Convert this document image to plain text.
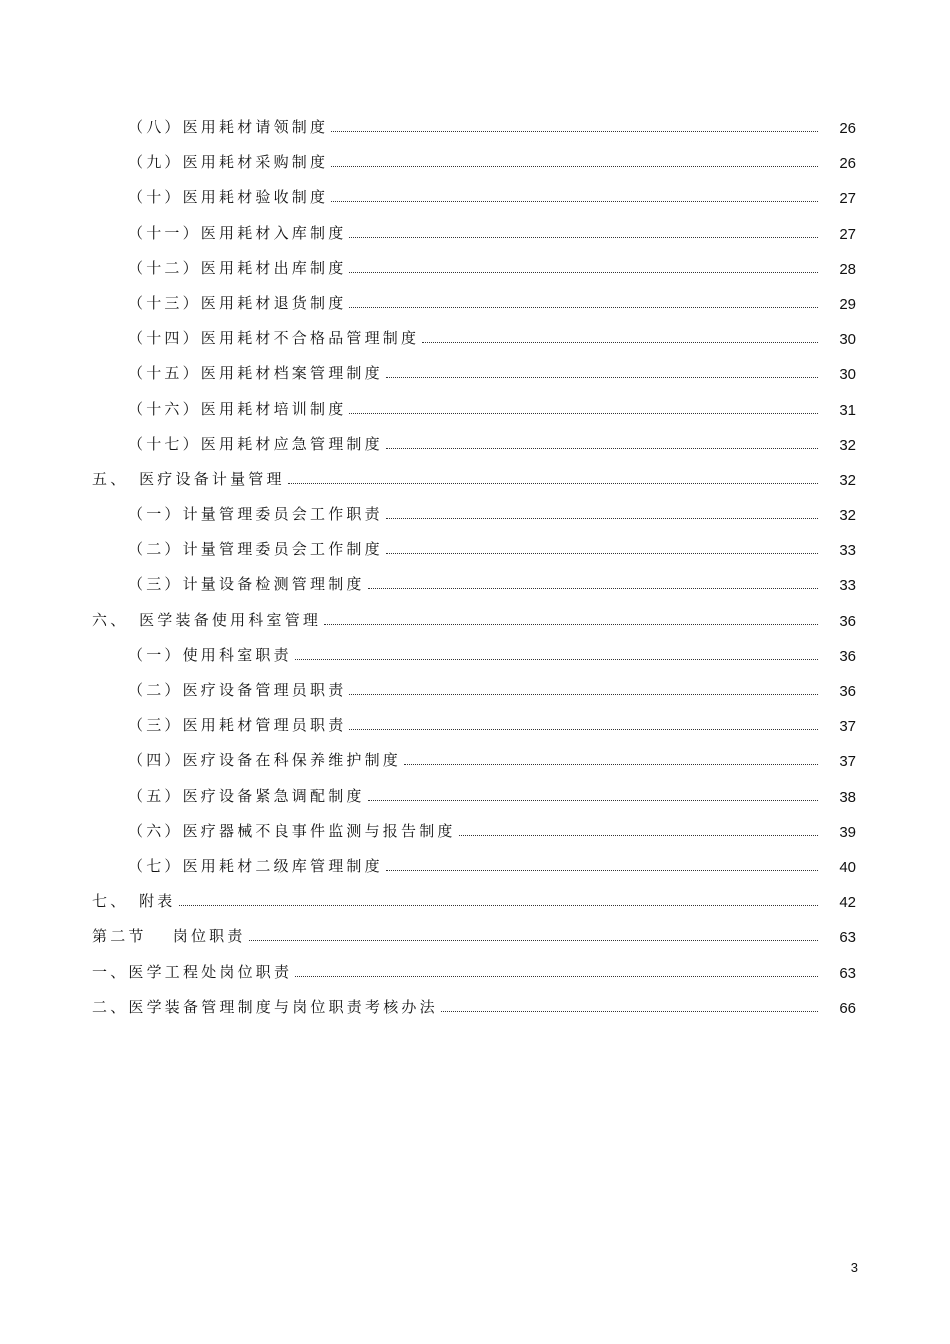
（八）医用耗材请领制度	26
（九）医用耗材采购制度	26
（十）医用耗材验收制度	27
（十一）医用耗材入库制度	27
（十二）医用耗材出库制度	28
（十三）医用耗材退货制度	29
（十四）医用耗材不合格品管理制度	30
（十五）医用耗材档案管理制度	30
（十六）医用耗材培训制度	31
（十七）医用耗材应急管理制度	32
五、　医疗设备计量管理	32
（一）计量管理委员会工作职责	32
（二）计量管理委员会工作制度	33
（三）计量设备检测管理制度	33
六、　医学装备使用科室管理	36
（一）使用科室职责	36
（二）医疗设备管理员职责	36
（三）医用耗材管理员职责	37
（四）医疗设备在科保养维护制度	37
（五）医疗设备紧急调配制度	38
（六）医疗器械不良事件监测与报告制度	39
（七）医用耗材二级库管理制度	40
七、　附表	42
第二节　 岗位职责	63
一、医学工程处岗位职责	63
二、医学装备管理制度与岗位职责考核办法	66
3
